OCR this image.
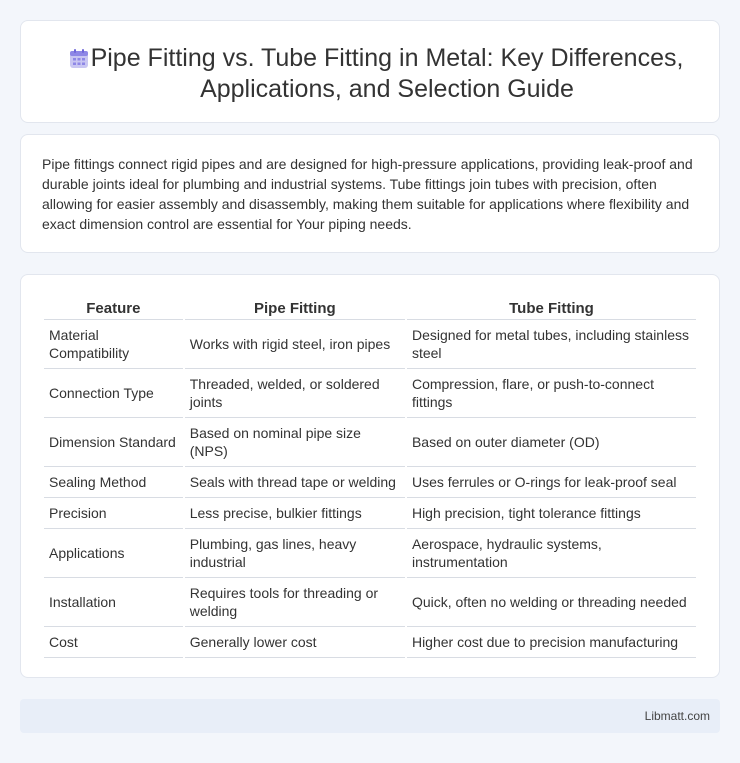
Pipe Fitting vs. Tube Fitting in Metal: Key Differences, Applications, and Selection Guide

Pipe fittings connect rigid pipes and are designed for high-pressure applications, providing leak-proof and durable joints ideal for plumbing and industrial systems. Tube fittings join tubes with precision, often allowing for easier assembly and disassembly, making them suitable for applications where flexibility and exact dimension control are essential for Your piping needs.

Feature	Pipe Fitting	Tube Fitting
Material Compatibility	Works with rigid steel, iron pipes	Designed for metal tubes, including stainless steel
Connection Type	Threaded, welded, or soldered joints	Compression, flare, or push-to-connect fittings
Dimension Standard	Based on nominal pipe size (NPS)	Based on outer diameter (OD)
Sealing Method	Seals with thread tape or welding	Uses ferrules or O-rings for leak-proof seal
Precision	Less precise, bulkier fittings	High precision, tight tolerance fittings
Applications	Plumbing, gas lines, heavy industrial	Aerospace, hydraulic systems, instrumentation
Installation	Requires tools for threading or welding	Quick, often no welding or threading needed
Cost	Generally lower cost	Higher cost due to precision manufacturing
Libmatt.com
